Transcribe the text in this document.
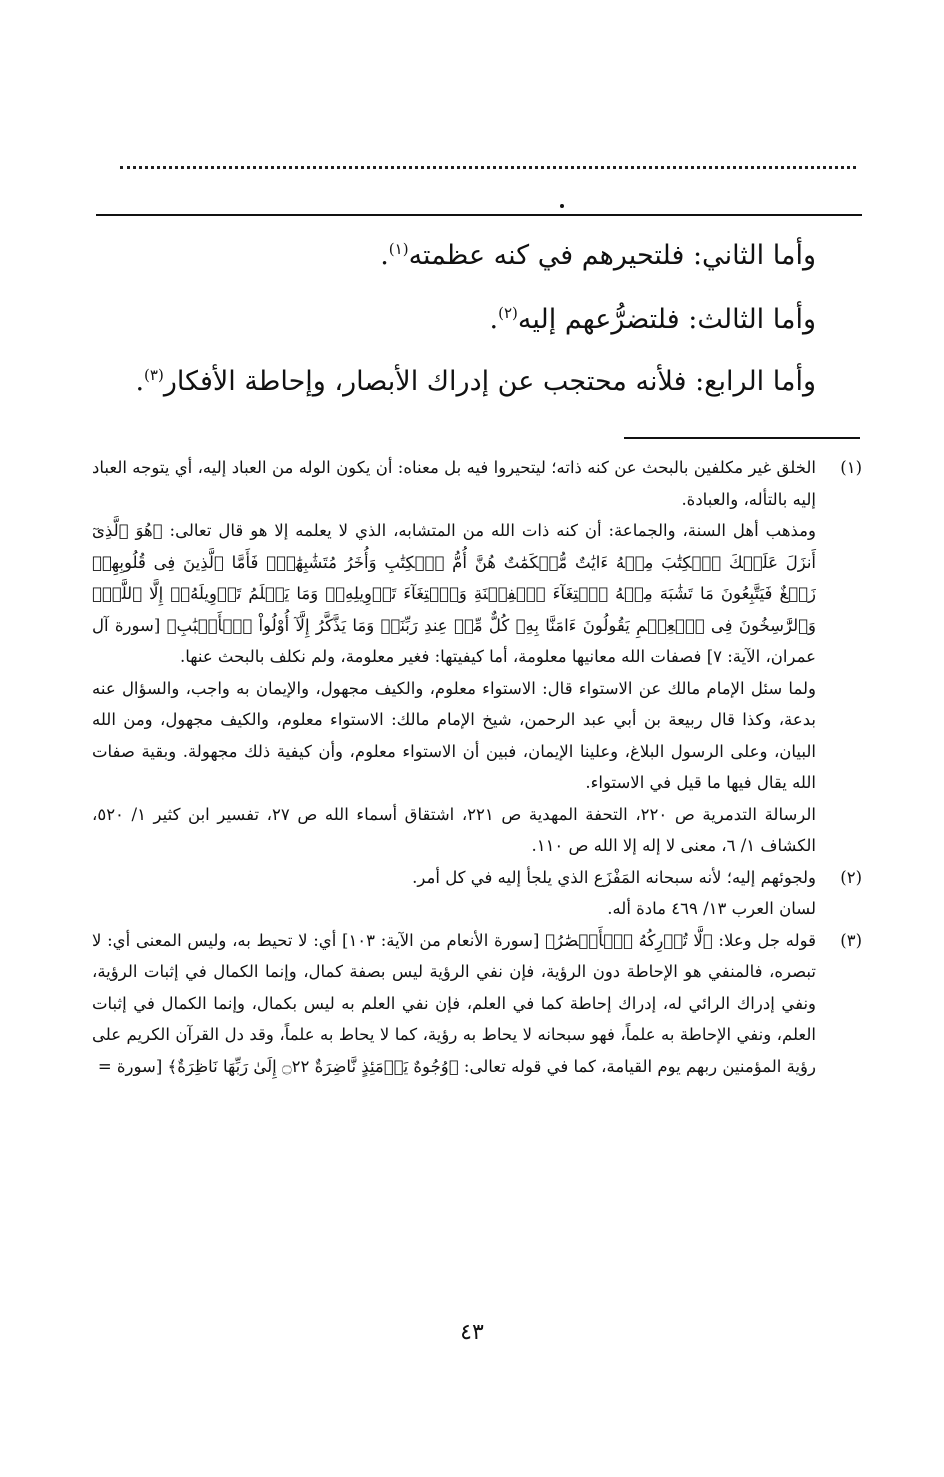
وأما الثاني: فلتحيرهم في كنه عظمته$^{(١)}$.
وأما الثالث: فلتضرُّعهم إليه$^{(٢)}$.
وأما الرابع: فلأنه محتجب عن إدراك الأبصار، وإحاطة الأفكار$^{(٣)}$.
(١)

الخلق غير مكلفين بالبحث عن كنه ذاته؛ ليتحيروا فيه بل معناه: أن يكون الوله من العباد إليه، أي يتوجه العباد إليه بالتأله، والعبادة.

ومذهب أهل السنة، والجماعة: أن كنه ذات الله من المتشابه، الذي لا يعلمه إلا هو قال تعالى: ﴿هُوَ ٱلَّذِىٓ أَنزَلَ عَلَيۡكَ ٱلۡكِتَٰبَ مِنۡهُ ءَايَٰتٌ مُّحۡكَمَٰتٌ هُنَّ أُمُّ ٱلۡكِتَٰبِ وَأُخَرُ مُتَشَٰبِهَٰتٌۖ فَأَمَّا ٱلَّذِينَ فِى قُلُوبِهِمۡ زَيۡغٌ فَيَتَّبِعُونَ مَا تَشَٰبَهَ مِنۡهُ ٱبۡتِغَآءَ ٱلۡفِتۡنَةِ وَٱبۡتِغَآءَ تَأۡوِيلِهِۦۗ وَمَا يَعۡلَمُ تَأۡوِيلَهُۥٓ إِلَّا ٱللَّهُۗ وَٱلرَّٰسِخُونَ فِى ٱلۡعِلۡمِ يَقُولُونَ ءَامَنَّا بِهِۦ كُلٌّ مِّنۡ عِندِ رَبِّنَاۗ وَمَا يَذَّكَّرُ إِلَّآ أُوْلُواْ ٱلۡأَلۡبَٰبِ﴾ [سورة آل عمران، الآية: ٧] فصفات الله معانيها معلومة، أما كيفيتها: فغير معلومة، ولم نكلف بالبحث عنها.

ولما سئل الإمام مالك عن الاستواء قال: الاستواء معلوم، والكيف مجهول، والإيمان به واجب، والسؤال عنه بدعة، وكذا قال ربيعة بن أبي عبد الرحمن، شيخ الإمام مالك: الاستواء معلوم، والكيف مجهول، ومن الله البيان، وعلى الرسول البلاغ، وعلينا الإيمان، فبين أن الاستواء معلوم، وأن كيفية ذلك مجهولة. وبقية صفات الله يقال فيها ما قيل في الاستواء.

الرسالة التدمرية ص ٢٢٠، التحفة المهدية ص ٢٢١، اشتقاق أسماء الله ص ٢٧، تفسير ابن كثير ١/ ٥٢٠، الكشاف ١/ ٦، معنى لا إله إلا الله ص ١١٠.

(٢)

ولجوئهم إليه؛ لأنه سبحانه المَفْزَع الذي يلجأ إليه في كل أمر.

لسان العرب ١٣/ ٤٦٩ مادة أله.

(٣)

قوله جل وعلا: ﴿لَّا تُدۡرِكُهُ ٱلۡأَبۡصَٰرُ﴾ [سورة الأنعام من الآية: ١٠٣] أي: لا تحيط به، وليس المعنى أي: لا تبصره، فالمنفي هو الإحاطة دون الرؤية، فإن نفي الرؤية ليس بصفة كمال، وإنما الكمال في إثبات الرؤية، ونفي إدراك الرائي له، إدراك إحاطة كما في العلم، فإن نفي العلم به ليس بكمال، وإنما الكمال في إثبات العلم، ونفي الإحاطة به علماً، فهو سبحانه لا يحاط به رؤية، كما لا يحاط به علماً، وقد دل القرآن الكريم على رؤية المؤمنين ربهم يوم القيامة، كما في قوله تعالى: ﴿وُجُوهٌ يَوۡمَئِذٍ نَّاضِرَةٌ ۝٢٢ إِلَىٰ رَبِّهَا نَاظِرَةٌ﴾ [سورة =

٤٣
